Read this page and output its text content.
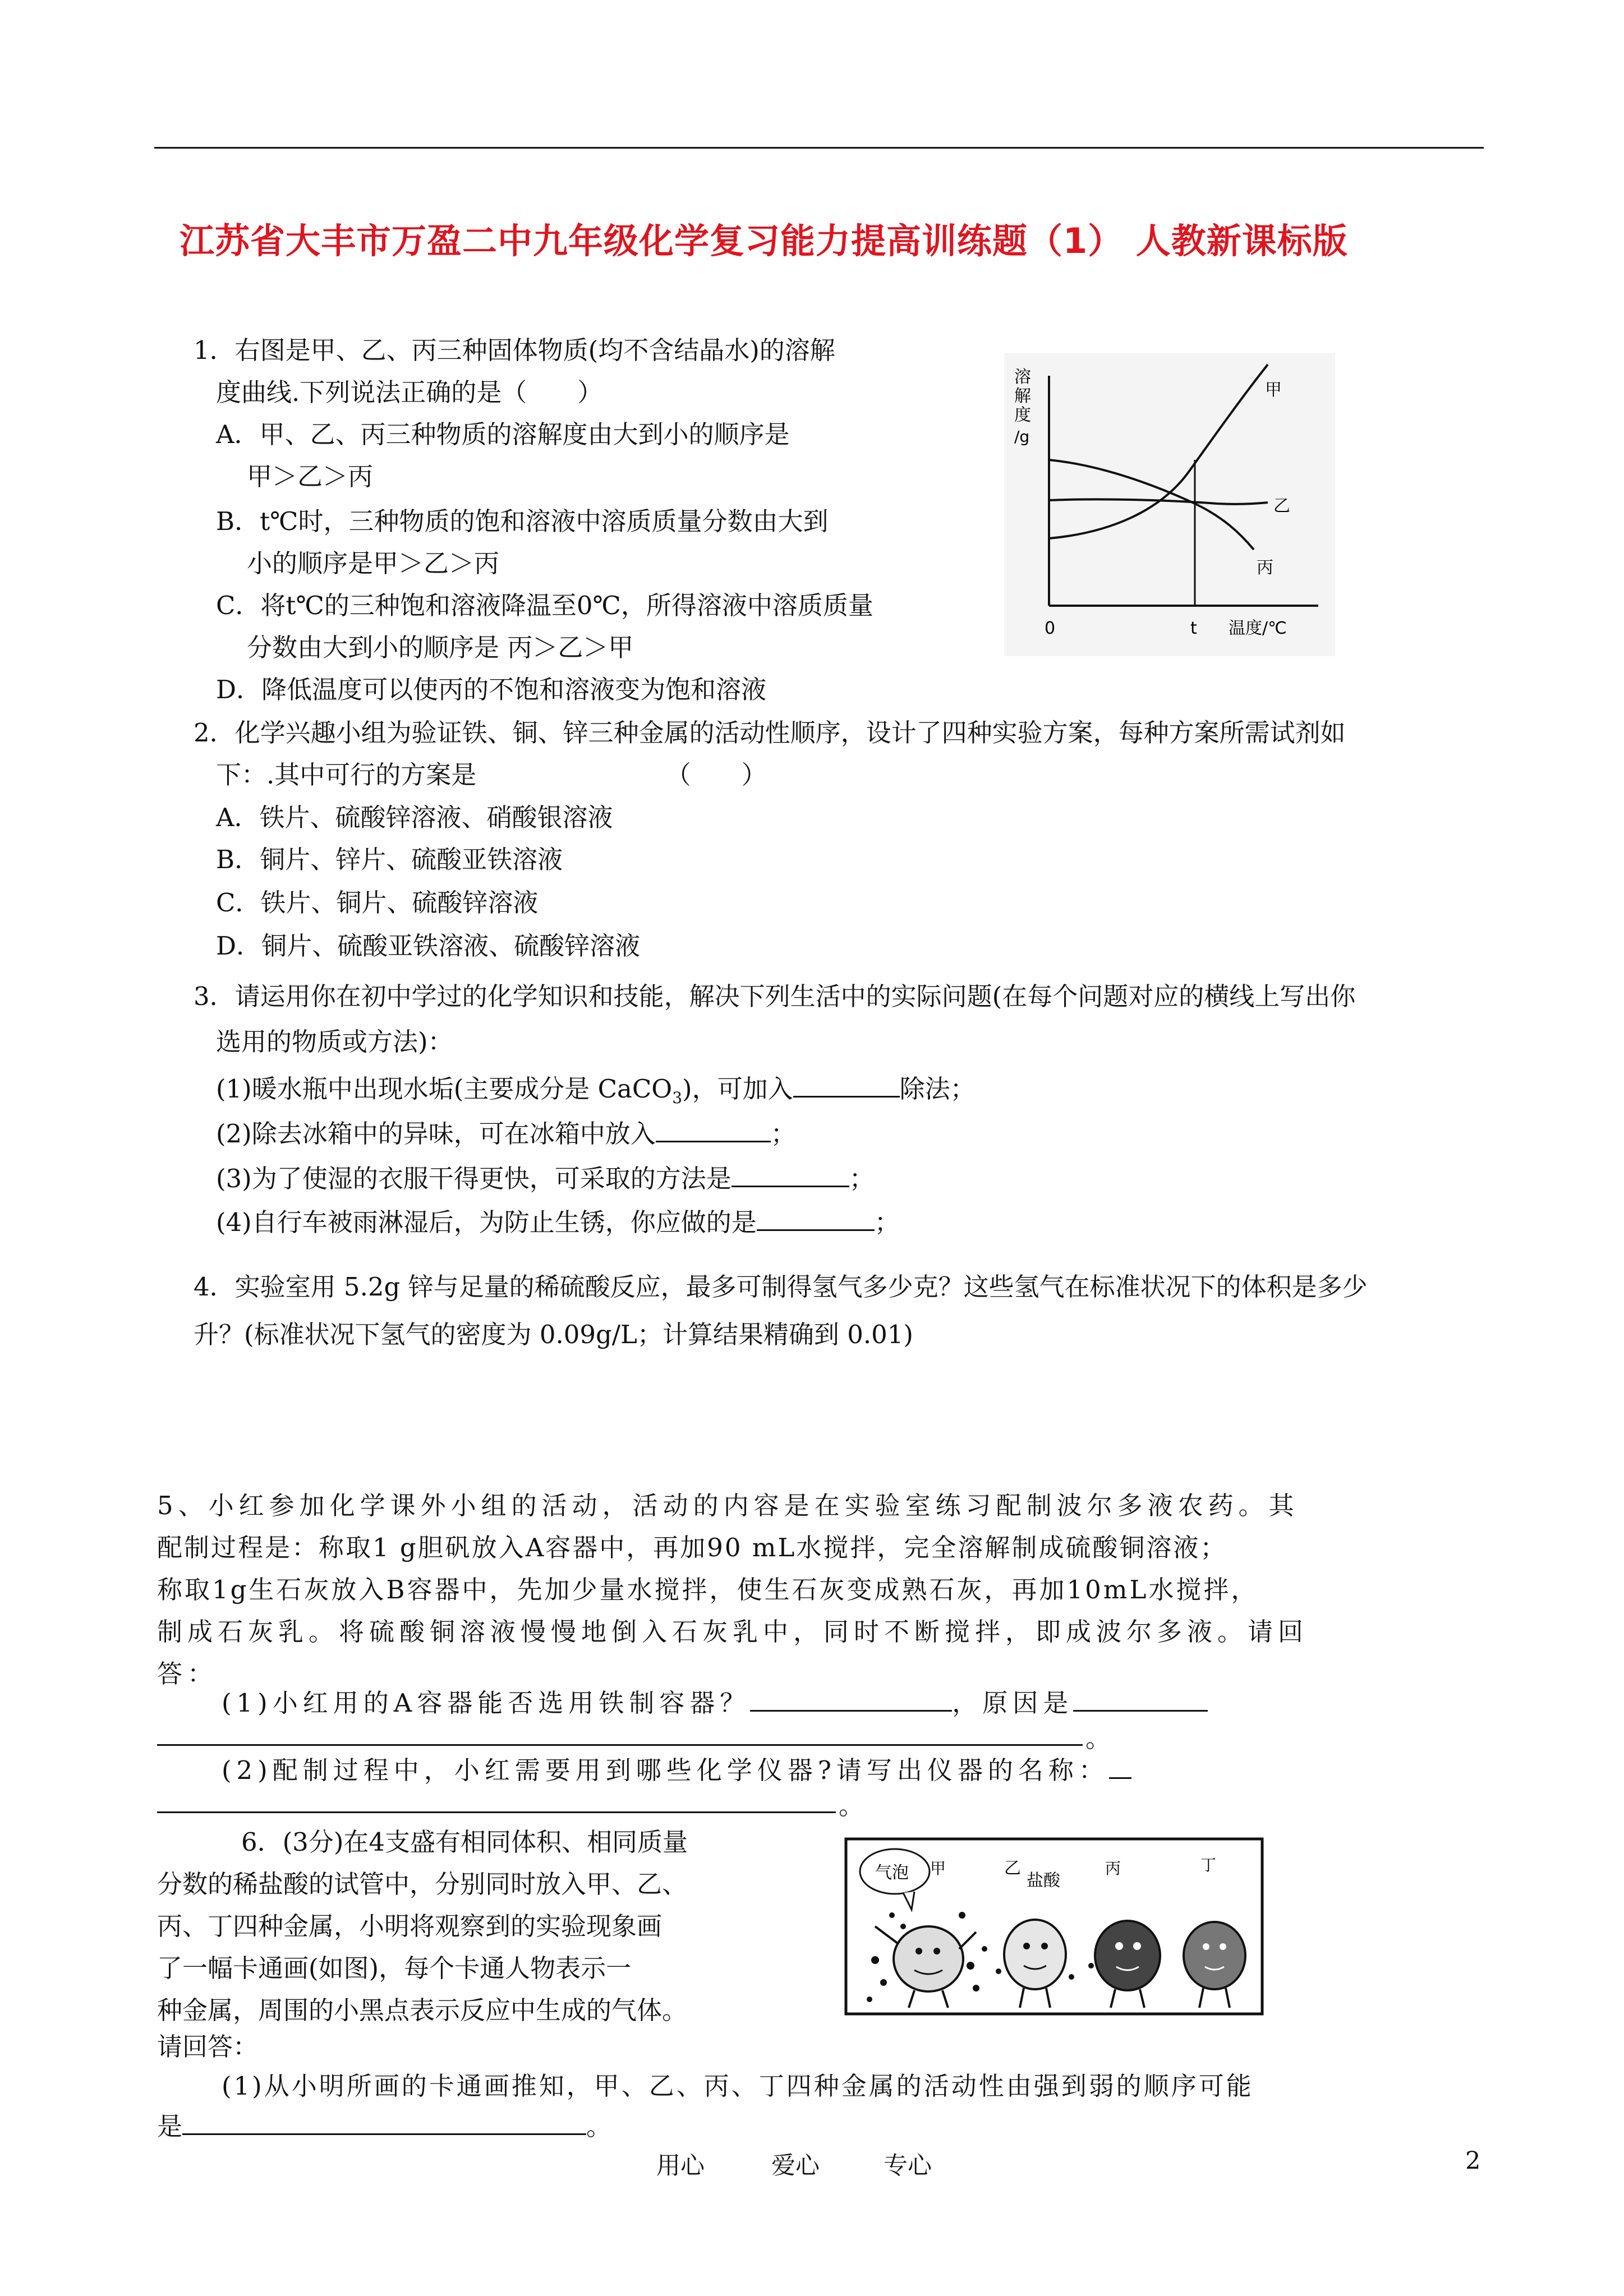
江苏省大丰市万盈二中九年级化学复习能力提高训练题（1） 人教新课标版
1．右图是甲、乙、丙三种固体物质(均不含结晶水)的溶解
度曲线.下列说法正确的是（　　）
A．甲、乙、丙三种物质的溶解度由大到小的顺序是
甲＞乙＞丙
B．t℃时，三种物质的饱和溶液中溶质质量分数由大到
小的顺序是甲＞乙＞丙
C．将t℃的三种饱和溶液降温至0℃，所得溶液中溶质质量
分数由大到小的顺序是 丙＞乙＞甲
D．降低温度可以使丙的不饱和溶液变为饱和溶液
溶
解
度
/g
甲
乙
丙
0	t 温度/℃
2．化学兴趣小组为验证铁、铜、锌三种金属的活动性顺序，设计了四种实验方案，每种方案所需试剂如
下：.其中可行的方案是　　　　　　　　（　　）
A．铁片、硫酸锌溶液、硝酸银溶液
B．铜片、锌片、硫酸亚铁溶液
C．铁片、铜片、硫酸锌溶液
D．铜片、硫酸亚铁溶液、硫酸锌溶液
3．请运用你在初中学过的化学知识和技能，解决下列生活中的实际问题(在每个问题对应的横线上写出你
选用的物质或方法)：
(1)暖水瓶中出现水垢(主要成分是 CaCO$_3$)，可加入	除法；
(2)除去冰箱中的异味，可在冰箱中放入	；
(3)为了使湿的衣服干得更快，可采取的方法是	；
(4)自行车被雨淋湿后，为防止生锈，你应做的是	；
4．实验室用 5.2g 锌与足量的稀硫酸反应，最多可制得氢气多少克？这些氢气在标准状况下的体积是多少
升？(标准状况下氢气的密度为 0.09g/L；计算结果精确到 0.01)
5、小红参加化学课外小组的活动，活动的内容是在实验室练习配制波尔多液农药。其
配制过程是：称取1 g胆矾放入A容器中，再加90 mL水搅拌，完全溶解制成硫酸铜溶液；
称取1g生石灰放入B容器中，先加少量水搅拌，使生石灰变成熟石灰，再加10mL水搅拌，
制成石灰乳。将硫酸铜溶液慢慢地倒入石灰乳中，同时不断搅拌，即成波尔多液。请回
答：
(1)小红用的A容器能否选用铁制容器？	，原因是
。
(2)配制过程中，小红需要用到哪些化学仪器?请写出仪器的名称：
。
6．(3分)在4支盛有相同体积、相同质量
分数的稀盐酸的试管中，分别同时放入甲、乙、
丙、丁四种金属，小明将观察到的实验现象画
了一幅卡通画(如图)，每个卡通人物表示一
种金属，周围的小黑点表示反应中生成的气体。
请回答：
(1)从小明所画的卡通画推知，甲、乙、丙、丁四种金属的活动性由强到弱的顺序可能
是	。
气泡 甲	乙
盐酸
丙	丁
用心	爱心	专心	2
